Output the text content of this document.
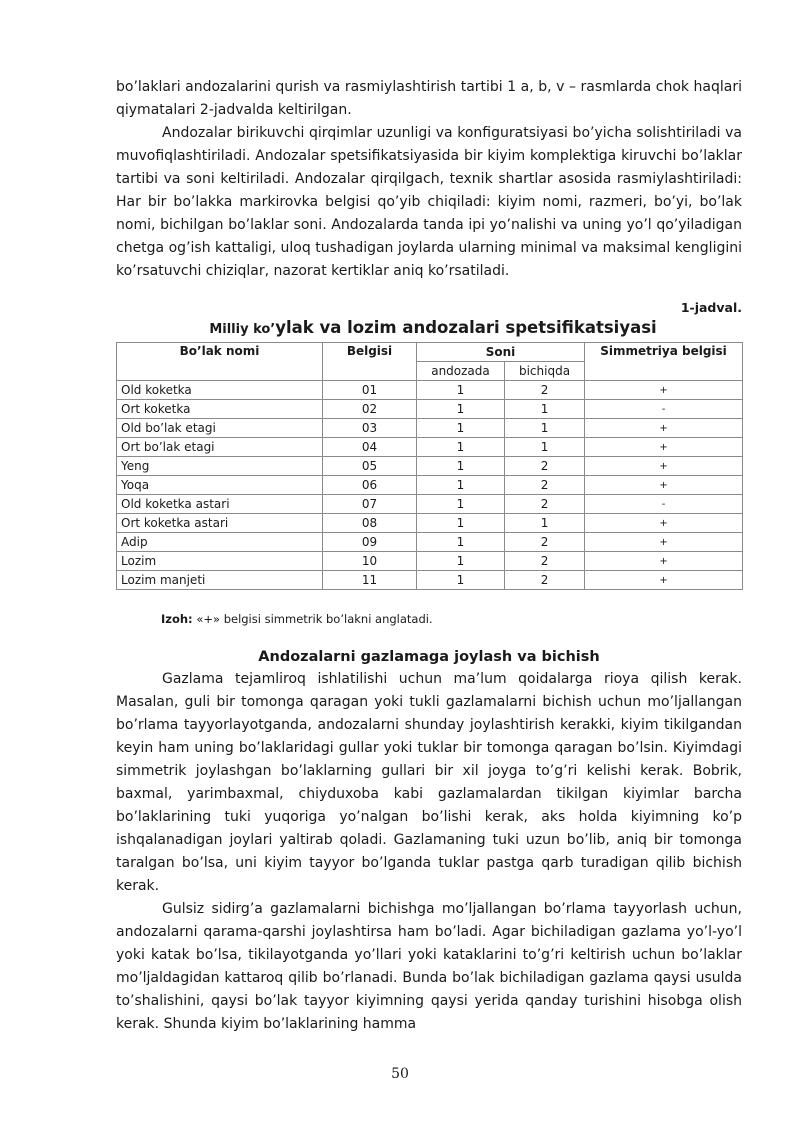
bo’laklari andozalarini qurish va rasmiylashtirish tartibi 1 a, b, v – rasmlarda chok haqlari qiymatalari 2-jadvalda keltirilgan.

Andozalar birikuvchi qirqimlar uzunligi va konfiguratsiyasi bo’yicha solishtiriladi va muvofiqlashtiriladi. Andozalar spetsifikatsiyasida bir kiyim komplektiga kiruvchi bo’laklar tartibi va soni keltiriladi. Andozalar qirqilgach, texnik shartlar asosida rasmiylashtiriladi: Har bir bo’lakka markirovka belgisi qo’yib chiqiladi: kiyim nomi, razmeri, bo’yi, bo’lak nomi, bichilgan bo’laklar soni. Andozalarda tanda ipi yo’nalishi va uning yo’l qo’yiladigan chetga og’ish kattaligi, uloq tushadigan joylarda ularning minimal va maksimal kengligini ko’rsatuvchi chiziqlar, nazorat kertiklar aniq ko’rsatiladi.

1-jadval.
Milliy ko’ylak va lozim andozalari spetsifikatsiyasi
Bo’lak nomi	Belgisi	Soni		Simmetriya belgisi
		andozada	bichiqda	
Old koketka	01	1	2	+
Ort koketka	02	1	1	-
Old bo’lak etagi	03	1	1	+
Ort bo’lak etagi	04	1	1	+
Yeng	05	1	2	+
Yoqa	06	1	2	+
Old koketka astari	07	1	2	-
Ort koketka astari	08	1	1	+
Adip	09	1	2	+
Lozim	10	1	2	+
Lozim manjeti	11	1	2	+
Izoh: «+» belgisi simmetrik bo’lakni anglatadi.
Andozalarni gazlamaga joylash va bichish

Gazlama tejamliroq ishlatilishi uchun ma’lum qoidalarga rioya qilish kerak. Masalan, guli bir tomonga qaragan yoki tukli gazlamalarni bichish uchun mo’ljallangan bo’rlama tayyorlayotganda, andozalarni shunday joylashtirish kerakki, kiyim tikilgandan keyin ham uning bo’laklaridagi gullar yoki tuklar bir tomonga qaragan bo’lsin. Kiyimdagi simmetrik joylashgan bo’laklarning gullari bir xil joyga to’g’ri kelishi kerak. Bobrik, baxmal, yarimbaxmal, chiyduxoba kabi gazlamalardan tikilgan kiyimlar barcha bo’laklarining tuki yuqoriga yo’nalgan bo’lishi kerak, aks holda kiyimning ko’p ishqalanadigan joylari yaltirab qoladi. Gazlamaning tuki uzun bo’lib, aniq bir tomonga taralgan bo’lsa, uni kiyim tayyor bo’lganda tuklar pastga qarb turadigan qilib bichish kerak.

Gulsiz sidirg’a gazlamalarni bichishga mo’ljallangan bo’rlama tayyorlash uchun, andozalarni qarama-qarshi joylashtirsa ham bo’ladi. Agar bichiladigan gazlama yo’l-yo’l yoki katak bo’lsa, tikilayotganda yo’llari yoki kataklarini to’g’ri keltirish uchun bo’laklar mo’ljaldagidan kattaroq qilib bo’rlanadi. Bunda bo’lak bichiladigan gazlama qaysi usulda to’shalishini, qaysi bo’lak tayyor kiyimning qaysi yerida qanday turishini hisobga olish kerak. Shunda kiyim bo’laklarining hamma

50
